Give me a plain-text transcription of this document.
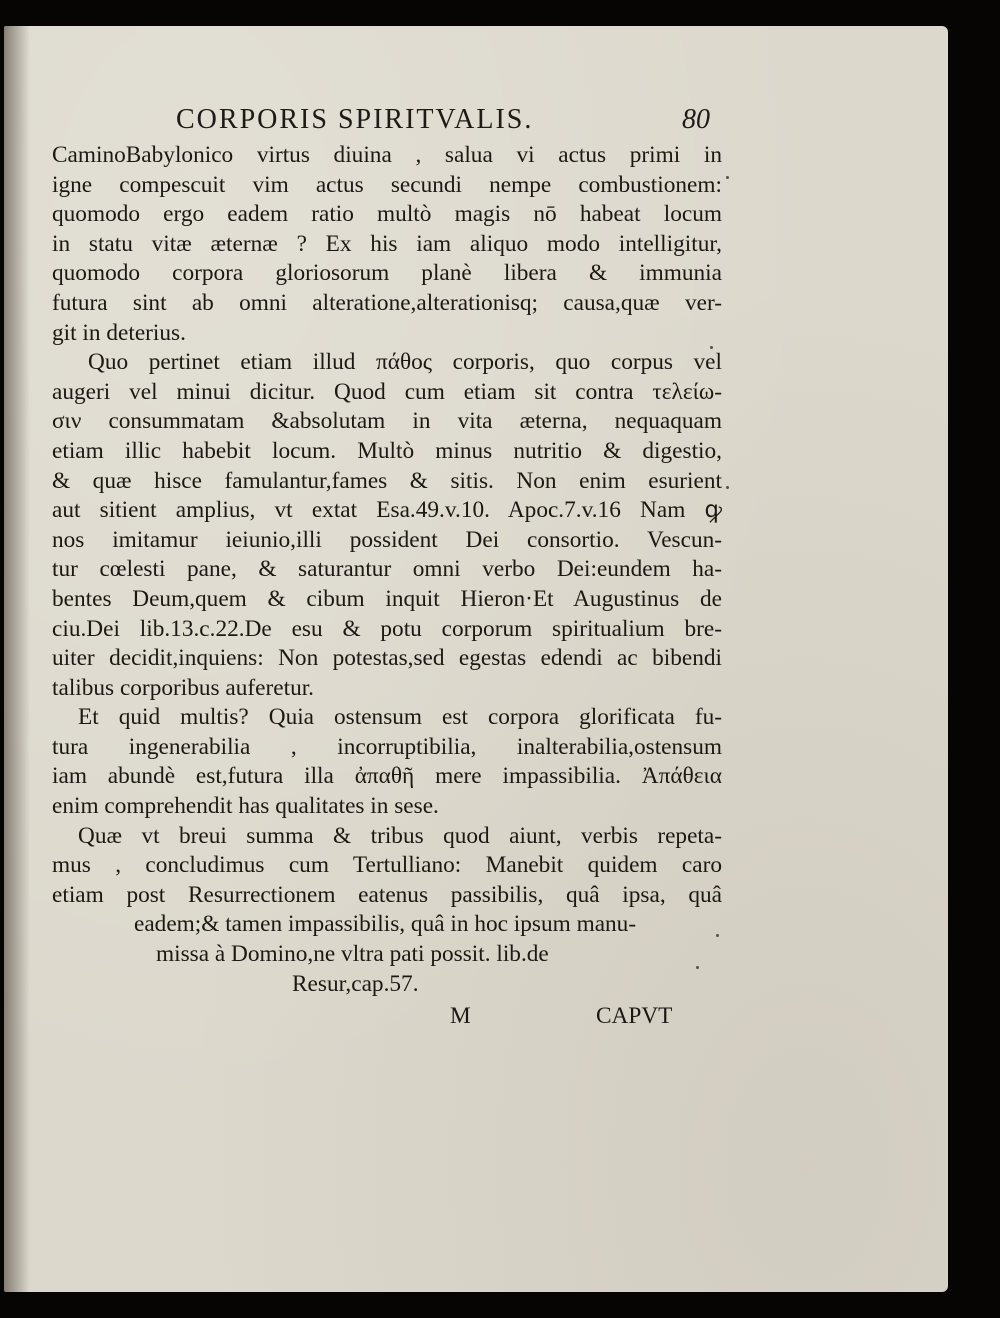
CORPORIS SPIRITVALIS.	80
CaminoBabylonico virtus diuina , salua vi actus primi in
igne compescuit vim actus secundi nempe combustionem:
quomodo ergo eadem ratio multò magis nō habeat locum
in statu vitæ æternæ ? Ex his iam aliquo modo intelligitur,
quomodo corpora gloriosorum planè libera & immunia
futura sint ab omni alteratione,alterationisq; causa,quæ ver-
git in deterius.
Quo pertinet etiam illud πάθος corporis, quo corpus vel
augeri vel minui dicitur. Quod cum etiam sit contra τελείω-
σιν consummatam &absolutam in vita æterna, nequaquam
etiam illic habebit locum. Multò minus nutritio & digestio,
& quæ hisce famulantur,fames & sitis. Non enim esurient
aut sitient amplius, vt extat Esa.49.v.10. Apoc.7.v.16 Nam ꝙ
nos imitamur ieiunio,illi possident Dei consortio. Vescun-
tur cœlesti pane, & saturantur omni verbo Dei:eundem ha-
bentes Deum,quem & cibum inquit Hieron·Et Augustinus de
ciu.Dei lib.13.c.22.De esu & potu corporum spiritualium bre-
uiter decidit,inquiens: Non potestas,sed egestas edendi ac bibendi
talibus corporibus auferetur.
Et quid multis? Quia ostensum est corpora glorificata fu-
tura ingenerabilia , incorruptibilia, inalterabilia,ostensum
iam abundè est,futura illa ἀπαθῆ mere impassibilia. Ἀπάθεια
enim comprehendit has qualitates in sese.
Quæ vt breui summa & tribus quod aiunt, verbis repeta-
mus , concludimus cum Tertulliano: Manebit quidem caro
etiam post Resurrectionem eatenus passibilis, quâ ipsa, quâ
eadem;& tamen impassibilis, quâ in hoc ipsum manu-
missa à Domino,ne vltra pati possit. lib.de
Resur,cap.57.
M	CAPVT
